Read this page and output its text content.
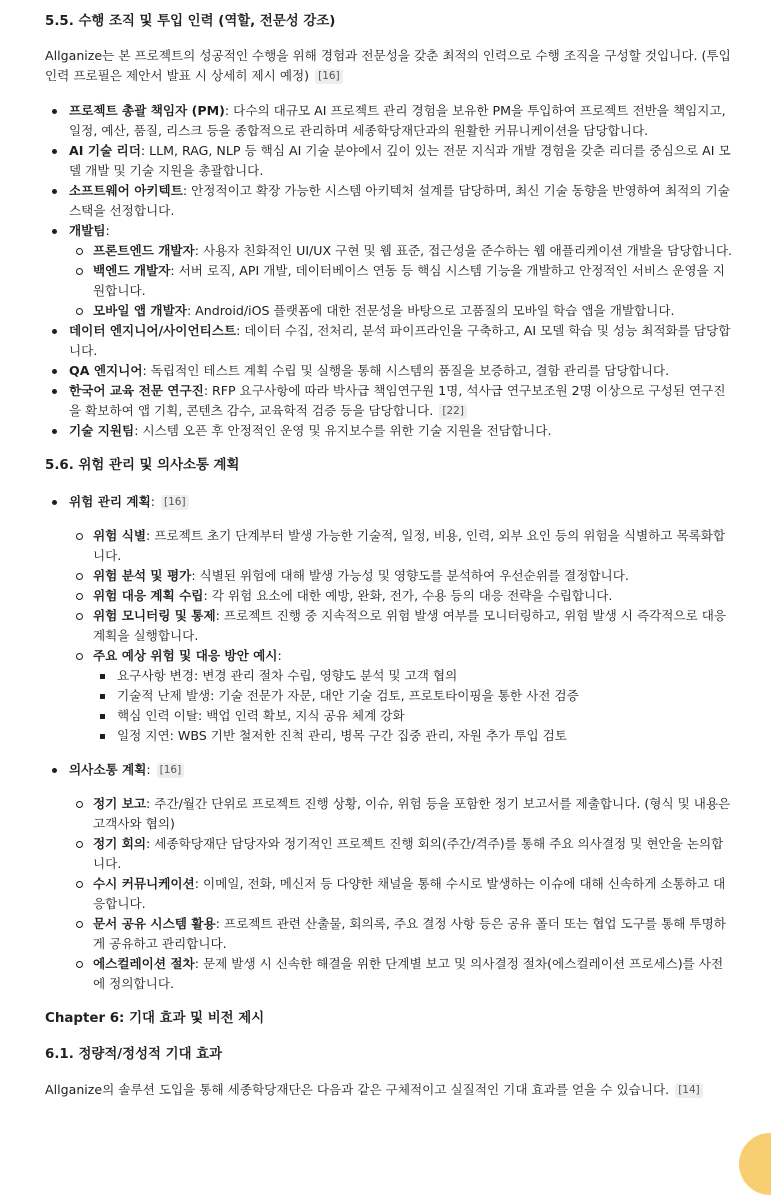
5.5. 수행 조직 및 투입 인력 (역할, 전문성 강조)

Allganize는 본 프로젝트의 성공적인 수행을 위해 경험과 전문성을 갖춘 최적의 인력으로 수행 조직을 구성할 것입니다. (투입 인력 프로필은 제안서 발표 시 상세히 제시 예정) [16]

프로젝트 총괄 책임자 (PM): 다수의 대규모 AI 프로젝트 관리 경험을 보유한 PM을 투입하여 프로젝트 전반을 책임지고, 일정, 예산, 품질, 리스크 등을 종합적으로 관리하며 세종학당재단과의 원활한 커뮤니케이션을 담당합니다.
AI 기술 리더: LLM, RAG, NLP 등 핵심 AI 기술 분야에서 깊이 있는 전문 지식과 개발 경험을 갖춘 리더를 중심으로 AI 모델 개발 및 기술 지원을 총괄합니다.
소프트웨어 아키텍트: 안정적이고 확장 가능한 시스템 아키텍처 설계를 담당하며, 최신 기술 동향을 반영하여 최적의 기술 스택을 선정합니다.
개발팀:
프론트엔드 개발자: 사용자 친화적인 UI/UX 구현 및 웹 표준, 접근성을 준수하는 웹 애플리케이션 개발을 담당합니다.
백엔드 개발자: 서버 로직, API 개발, 데이터베이스 연동 등 핵심 시스템 기능을 개발하고 안정적인 서비스 운영을 지원합니다.
모바일 앱 개발자: Android/iOS 플랫폼에 대한 전문성을 바탕으로 고품질의 모바일 학습 앱을 개발합니다.
데이터 엔지니어/사이언티스트: 데이터 수집, 전처리, 분석 파이프라인을 구축하고, AI 모델 학습 및 성능 최적화를 담당합니다.
QA 엔지니어: 독립적인 테스트 계획 수립 및 실행을 통해 시스템의 품질을 보증하고, 결함 관리를 담당합니다.
한국어 교육 전문 연구진: RFP 요구사항에 따라 박사급 책임연구원 1명, 석사급 연구보조원 2명 이상으로 구성된 연구진을 확보하여 앱 기획, 콘텐츠 감수, 교육학적 검증 등을 담당합니다. [22]
기술 지원팀: 시스템 오픈 후 안정적인 운영 및 유지보수를 위한 기술 지원을 전담합니다.
5.6. 위험 관리 및 의사소통 계획
위험 관리 계획: [16]
위험 식별: 프로젝트 초기 단계부터 발생 가능한 기술적, 일정, 비용, 인력, 외부 요인 등의 위험을 식별하고 목록화합니다.
위험 분석 및 평가: 식별된 위험에 대해 발생 가능성 및 영향도를 분석하여 우선순위를 결정합니다.
위험 대응 계획 수립: 각 위험 요소에 대한 예방, 완화, 전가, 수용 등의 대응 전략을 수립합니다.
위험 모니터링 및 통제: 프로젝트 진행 중 지속적으로 위험 발생 여부를 모니터링하고, 위험 발생 시 즉각적으로 대응 계획을 실행합니다.
주요 예상 위험 및 대응 방안 예시:
요구사항 변경: 변경 관리 절차 수립, 영향도 분석 및 고객 협의
기술적 난제 발생: 기술 전문가 자문, 대안 기술 검토, 프로토타이핑을 통한 사전 검증
핵심 인력 이탈: 백업 인력 확보, 지식 공유 체계 강화
일정 지연: WBS 기반 철저한 진척 관리, 병목 구간 집중 관리, 자원 추가 투입 검토
의사소통 계획: [16]
정기 보고: 주간/월간 단위로 프로젝트 진행 상황, 이슈, 위험 등을 포함한 정기 보고서를 제출합니다. (형식 및 내용은 고객사와 협의)
정기 회의: 세종학당재단 담당자와 정기적인 프로젝트 진행 회의(주간/격주)를 통해 주요 의사결정 및 현안을 논의합니다.
수시 커뮤니케이션: 이메일, 전화, 메신저 등 다양한 채널을 통해 수시로 발생하는 이슈에 대해 신속하게 소통하고 대응합니다.
문서 공유 시스템 활용: 프로젝트 관련 산출물, 회의록, 주요 결정 사항 등은 공유 폴더 또는 협업 도구를 통해 투명하게 공유하고 관리합니다.
에스컬레이션 절차: 문제 발생 시 신속한 해결을 위한 단계별 보고 및 의사결정 절차(에스컬레이션 프로세스)를 사전에 정의합니다.
Chapter 6: 기대 효과 및 비전 제시
6.1. 정량적/정성적 기대 효과

Allganize의 솔루션 도입을 통해 세종학당재단은 다음과 같은 구체적이고 실질적인 기대 효과를 얻을 수 있습니다. [14]
